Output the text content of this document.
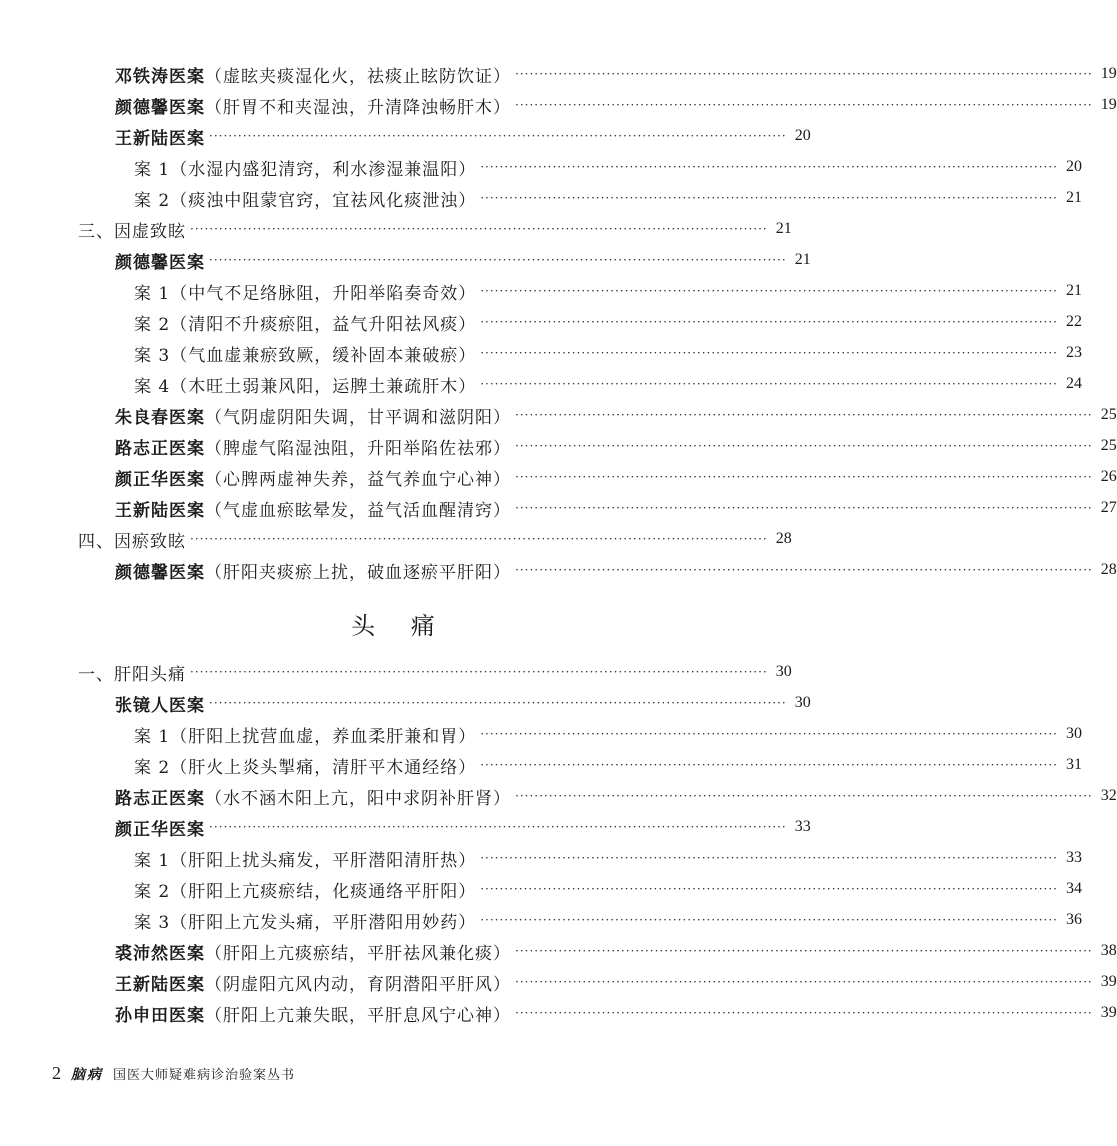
邓铁涛医案（虚眩夹痰湿化火，祛痰止眩防饮证） ························································································································ 19
颜德馨医案（肝胃不和夹湿浊，升清降浊畅肝木） ························································································································ 19
王新陆医案 ························································································································ 20
案 1（水湿内盛犯清窍，利水渗湿兼温阳） ························································································································ 20
案 2（痰浊中阻蒙官窍，宜祛风化痰泄浊） ························································································································ 21
三、因虚致眩 ························································································································ 21
颜德馨医案 ························································································································ 21
案 1（中气不足络脉阻，升阳举陷奏奇效） ························································································································ 21
案 2（清阳不升痰瘀阻，益气升阳祛风痰） ························································································································ 22
案 3（气血虚兼瘀致厥，缓补固本兼破瘀） ························································································································ 23
案 4（木旺土弱兼风阳，运脾土兼疏肝木） ························································································································ 24
朱良春医案（气阴虚阴阳失调，甘平调和滋阴阳） ························································································································ 25
路志正医案（脾虚气陷湿浊阻，升阳举陷佐祛邪） ························································································································ 25
颜正华医案（心脾两虚神失养，益气养血宁心神） ························································································································ 26
王新陆医案（气虚血瘀眩晕发，益气活血醒清窍） ························································································································ 27
四、因瘀致眩 ························································································································ 28
颜德馨医案（肝阳夹痰瘀上扰，破血逐瘀平肝阳） ························································································································ 28
一、肝阳头痛 ························································································································ 30
张镜人医案 ························································································································ 30
案 1（肝阳上扰营血虚，养血柔肝兼和胃） ························································································································ 30
案 2（肝火上炎头掣痛，清肝平木通经络） ························································································································ 31
路志正医案（水不涵木阳上亢，阳中求阴补肝肾） ························································································································ 32
颜正华医案 ························································································································ 33
案 1（肝阳上扰头痛发，平肝潜阳清肝热） ························································································································ 33
案 2（肝阳上亢痰瘀结，化痰通络平肝阳） ························································································································ 34
案 3（肝阳上亢发头痛，平肝潜阳用妙药） ························································································································ 36
裘沛然医案（肝阳上亢痰瘀结，平肝祛风兼化痰） ························································································································ 38
王新陆医案（阴虚阳亢风内动，育阴潜阳平肝风） ························································································································ 39
孙申田医案（肝阳上亢兼失眠，平肝息风宁心神） ························································································································ 39
头 痛
2 脑病 国医大师疑难病诊治验案丛书
